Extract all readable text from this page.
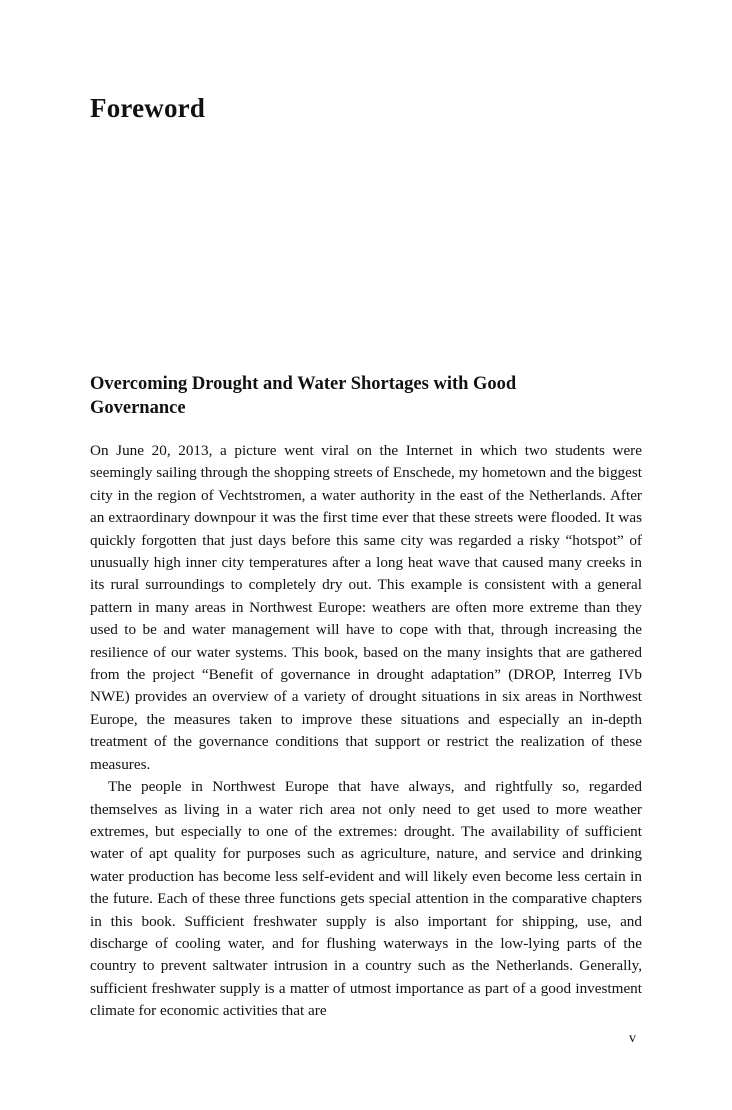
Foreword
Overcoming Drought and Water Shortages with Good Governance

On June 20, 2013, a picture went viral on the Internet in which two students were seemingly sailing through the shopping streets of Enschede, my hometown and the biggest city in the region of Vechtstromen, a water authority in the east of the Netherlands. After an extraordinary downpour it was the first time ever that these streets were flooded. It was quickly forgotten that just days before this same city was regarded a risky “hotspot” of unusually high inner city temperatures after a long heat wave that caused many creeks in its rural surroundings to completely dry out. This example is consistent with a general pattern in many areas in Northwest Europe: weathers are often more extreme than they used to be and water management will have to cope with that, through increasing the resilience of our water systems. This book, based on the many insights that are gathered from the project “Benefit of governance in drought adaptation” (DROP, Interreg IVb NWE) provides an overview of a variety of drought situations in six areas in Northwest Europe, the measures taken to improve these situations and especially an in-depth treatment of the governance conditions that support or restrict the realization of these measures.

The people in Northwest Europe that have always, and rightfully so, regarded themselves as living in a water rich area not only need to get used to more weather extremes, but especially to one of the extremes: drought. The availability of sufficient water of apt quality for purposes such as agriculture, nature, and service and drinking water production has become less self-evident and will likely even become less certain in the future. Each of these three functions gets special attention in the comparative chapters in this book. Sufficient freshwater supply is also important for shipping, use, and discharge of cooling water, and for flushing waterways in the low-lying parts of the country to prevent saltwater intrusion in a country such as the Netherlands. Generally, sufficient freshwater supply is a matter of utmost importance as part of a good investment climate for economic activities that are

v
